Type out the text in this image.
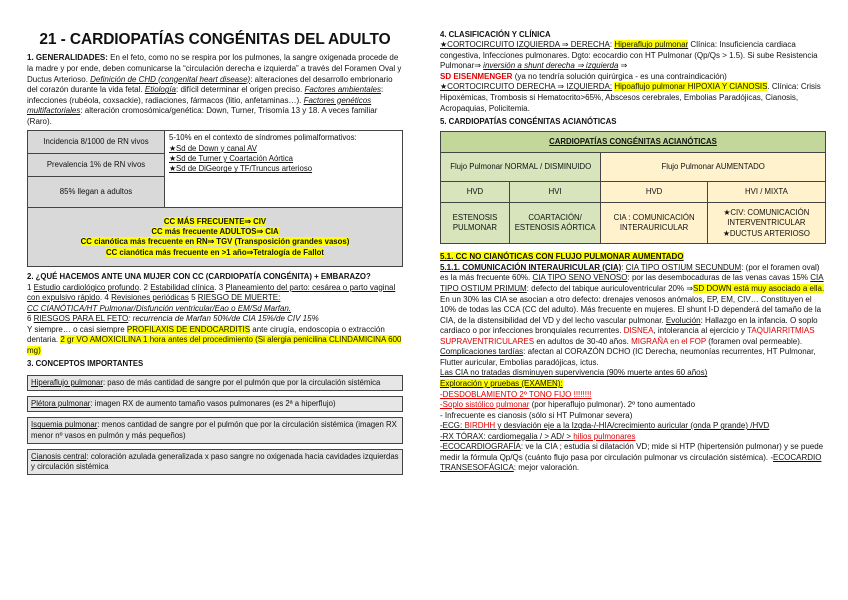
21 - CARDIOPATÍAS CONGÉNITAS DEL ADULTO

1. GENERALIDADES: En el feto, como no se respira por los pulmones, la sangre oxigenada procede de la madre y por ende, deben comunicarse la “circulación derecha e izquierda” a través del Foramen Oval y Ductus Arterioso. Definición de CHD (congenital heart disease): alteraciones del desarrollo embrionario del corazón durante la vida fetal. Etiología: difícil determinar el origen preciso. Factores ambientales: infecciones (rubéola, coxsackie), radiaciones, fármacos (litio, anfetaminas…). Factores genéticos multifactoriales: alteración cromosómica/genética: Down, Turner, Trisomía 13 y 18. A veces familiar (Raro).

Incidencia 8/1000 de RN vivos	5-10% en el contexto de síndromes polimalformativos:
★Sd de Down y canal AV
★Sd de Turner y Coartación Aórtica
★Sd de DiGeorge y TF/Truncus arterioso

Prevalencia 1% de RN vivos
85% llegan a adultos
CC MÁS FRECUENTE⇒ CIV
CC más frecuente ADULTOS⇒ CIA
CC cianótica más frecuente en RN⇒ TGV (Transposición grandes vasos)
CC cianótica más frecuente en >1 año⇒Tetralogía de Fallot
2. ¿QUÉ HACEMOS ANTE UNA MUJER CON CC (CARDIOPATÍA CONGÉNITA) + EMBARAZO?

1 Estudio cardiológico profundo. 2 Estabilidad clínica. 3 Planeamiento del parto: cesárea o parto vaginal con expulsivo rápido. 4 Revisiones periódicas 5 RIESGO DE MUERTE:

CC CIANÓTICA/HT Pulmonar/Disfunción ventricular/Eao o EM/Sd Marfan.

6 RIESGOS PARA EL FETO: recurrencia de Marfan 50%/de CIA 15%/de CIV 15%

Y siempre… o casi siempre PROFILAXIS DE ENDOCARDITIS ante cirugía, endoscopia o extracción dentaria. 2 gr VO AMOXICILINA 1 hora antes del procedimiento (Si alergia penicilina CLINDAMICINA 600 mg)

3. CONCEPTOS IMPORTANTES
Hiperaflujo pulmonar: paso de más cantidad de sangre por el pulmón que por la circulación sistémica
Plétora pulmonar: imagen RX de aumento tamaño vasos pulmonares (es 2ª a hiperflujo)
Isquemia pulmonar: menos cantidad de sangre por el pulmón que por la circulación sistémica (imagen RX menor nº vasos en pulmón y más pequeños)
Cianosis central: coloración azulada generalizada x paso sangre no oxigenada hacia cavidades izquierdas y circulación sistémica
4. CLASIFICACIÓN Y CLÍNICA

★CORTOCIRCUITO IZQUIERDA ⇒ DERECHA: Hiperaflujo pulmonar Clínica: Insuficiencia cardiaca congestiva, Infecciones pulmonares. Dgto: ecocardio con HT Pulmonar (Qp/Qs > 1.5). Si sube Resistencia Pulmonar⇒ inversión a shunt derecha ⇒ izquierda ⇒

SD EISENMENGER (ya no tendría solución quirúrgica - es una contraindicación)

★CORTOCIRCUITO DERECHA ⇒ IZQUIERDA: Hipoaflujo pulmonar HIPOXIA Y CIANOSIS. Clínica: Crisis Hipoxémicas, Trombosis si Hematocrito>65%, Abscesos cerebrales, Embolias Paradójicas, Cianosis, Acropaquias, Policitemia.

5. CARDIOPATÍAS CONGÉNITAS ACIANÓTICAS
CARDIOPATÍAS CONGÉNITAS ACIANÓTICAS			
Flujo Pulmonar NORMAL / DISMINUIDO		Flujo Pulmonar AUMENTADO	
HVD	HVI	HVD	HVI / MIXTA
ESTENOSIS PULMONAR	COARTACIÓN/ ESTENOSIS AÓRTICA	CIA : COMUNICACIÓN INTERAURICULAR	★CIV: COMUNICACIÓN INTERVENTRICULAR
★DUCTUS ARTERIOSO
5.1. CC NO CIANÓTICAS CON FLUJO PULMONAR AUMENTADO

5.1.1. COMUNICACIÓN INTERAURICULAR (CIA): CIA TIPO OSTIUM SECUNDUM: (por el foramen oval) es la más frecuente 60%. CIA TIPO SENO VENOSO: por las desembocaduras de las venas cavas 15% CIA TIPO OSTIUM PRIMUM: defecto del tabique auriculoventricular 20% ⇒SD DOWN está muy asociado a ella.

En un 30% las CIA se asocian a otro defecto: drenajes venosos anómalos, EP, EM, CIV… Constituyen el 10% de todas las CCA (CC del adulto). Más frecuente en mujeres. El shunt I-D dependerá del tamaño de la CIA, de la distensibilidad del VD y del lecho vascular pulmonar. Evolución: Hallazgo en la infancia. O soplo cardiaco o por infecciones bronquiales recurrentes. DISNEA, intolerancia al ejercicio y TAQUIARRITMIAS SUPRAVENTRICULARES en adultos de 30-40 años. MIGRAÑA en el FOP (foramen oval permeable).

Complicaciones tardías: afectan al CORAZÓN DCHO (IC Derecha, neumonías recurrentes, HT Pulmonar, Flutter auricular, Embolias paradójicas, ictus.

Las CIA no tratadas disminuyen supervivencia (90% muerte antes 60 años)

Exploración y pruebas (EXAMEN):

-DESDOBLAMIENTO 2º TONO FIJO !!!!!!!!

-Soplo sistólico pulmonar (por hiperaflujo pulmonar). 2º tono aumentado

- Infrecuente es cianosis (sólo si HT Pulmonar severa)

-ECG: BIRDHH y desviación eje a la Izqda-/-HIA/crecimiento auricular (onda P grande) /HVD

-RX TÓRAX: cardiomegalia / > AD/ > hilios pulmonares

-ECOCARDIOGRAFÍA: ve la CIA ; estudia si dilatación VD; mide si HTP (hipertensión pulmonar) y se puede medir la fórmula Qp/Qs (cuánto flujo pasa por circulación pulmonar vs circulación sistémica). -ECOCARDIO TRANSESOFÁGICA: mejor valoración.
